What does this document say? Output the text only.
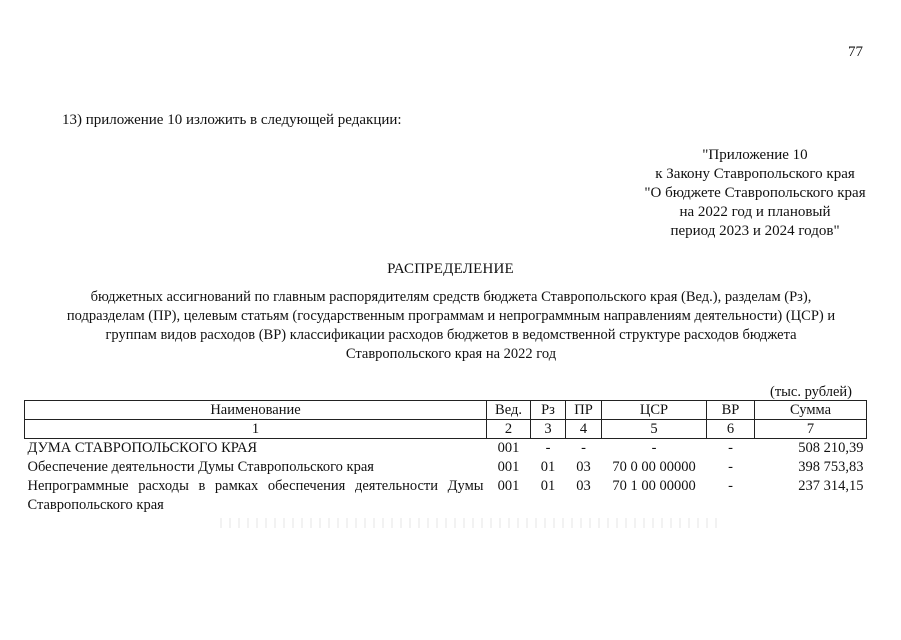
77
13) приложение 10 изложить в следующей редакции:
"Приложение 10
к Закону Ставропольского края
"О бюджете Ставропольского края
на 2022 год и плановый
период 2023 и 2024 годов"
РАСПРЕДЕЛЕНИЕ
бюджетных ассигнований по главным распорядителям средств бюджета Ставропольского края (Вед.), разделам (Рз),
подразделам (ПР), целевым статьям (государственным программам и непрограммным направлениям деятельности) (ЦСР) и
группам видов расходов (ВР) классификации расходов бюджетов в ведомственной структуре расходов бюджета
Ставропольского края на 2022 год
(тыс. рублей)
Наименование	Вед.	Рз	ПР	ЦСР	ВР	Сумма
1	2	3	4	5	6	7
ДУМА СТАВРОПОЛЬСКОГО КРАЯ	001	-	-	-	-	508 210,39
Обеспечение деятельности Думы Ставропольского края	001	01	03	70 0 00 00000	-	398 753,83
Непрограммные расходы в рамках обеспечения деятельности Думы Ставропольского края	001	01	03	70 1 00 00000	-	237 314,15
